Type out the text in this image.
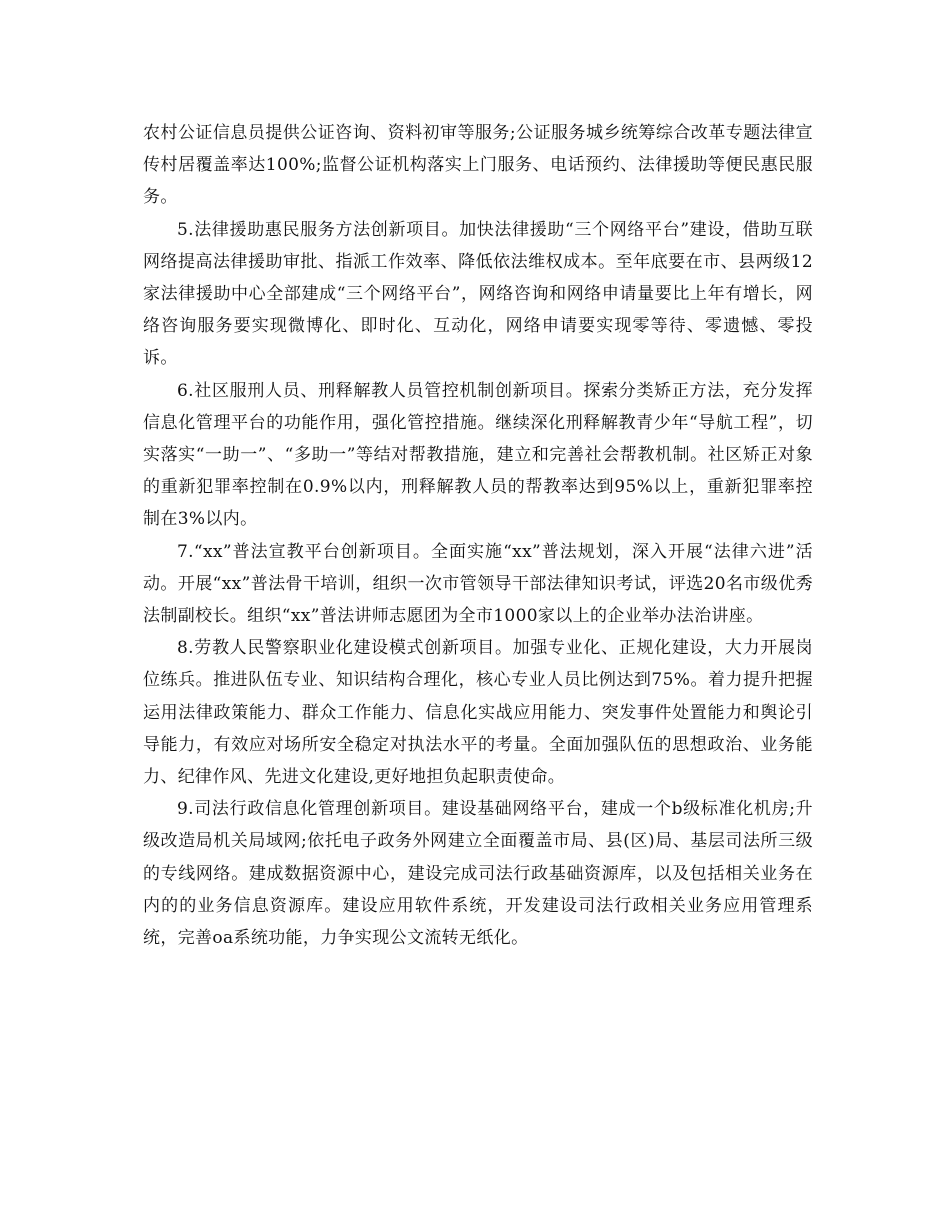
农村公证信息员提供公证咨询、资料初审等服务;公证服务城乡统筹综合改革专题法律宣传村居覆盖率达100%;监督公证机构落实上门服务、电话预约、法律援助等便民惠民服务。

5.法律援助惠民服务方法创新项目。加快法律援助“三个网络平台”建设，借助互联网络提高法律援助审批、指派工作效率、降低依法维权成本。至年底要在市、县两级12家法律援助中心全部建成“三个网络平台”，网络咨询和网络申请量要比上年有增长，网络咨询服务要实现微博化、即时化、互动化，网络申请要实现零等待、零遗憾、零投诉。

6.社区服刑人员、刑释解教人员管控机制创新项目。探索分类矫正方法，充分发挥信息化管理平台的功能作用，强化管控措施。继续深化刑释解教青少年“导航工程”，切实落实“一助一”、“多助一”等结对帮教措施，建立和完善社会帮教机制。社区矫正对象的重新犯罪率控制在0.9%以内，刑释解教人员的帮教率达到95%以上，重新犯罪率控制在3%以内。

7.“xx”普法宣教平台创新项目。全面实施“xx”普法规划，深入开展“法律六进”活动。开展“xx”普法骨干培训，组织一次市管领导干部法律知识考试，评选20名市级优秀法制副校长。组织“xx”普法讲师志愿团为全市1000家以上的企业举办法治讲座。

8.劳教人民警察职业化建设模式创新项目。加强专业化、正规化建设，大力开展岗位练兵。推进队伍专业、知识结构合理化，核心专业人员比例达到75%。着力提升把握运用法律政策能力、群众工作能力、信息化实战应用能力、突发事件处置能力和舆论引导能力，有效应对场所安全稳定对执法水平的考量。全面加强队伍的思想政治、业务能力、纪律作风、先进文化建设,更好地担负起职责使命。

9.司法行政信息化管理创新项目。建设基础网络平台，建成一个b级标准化机房;升级改造局机关局域网;依托电子政务外网建立全面覆盖市局、县(区)局、基层司法所三级的专线网络。建成数据资源中心，建设完成司法行政基础资源库，以及包括相关业务在内的的业务信息资源库。建设应用软件系统，开发建设司法行政相关业务应用管理系统，完善oa系统功能，力争实现公文流转无纸化。
